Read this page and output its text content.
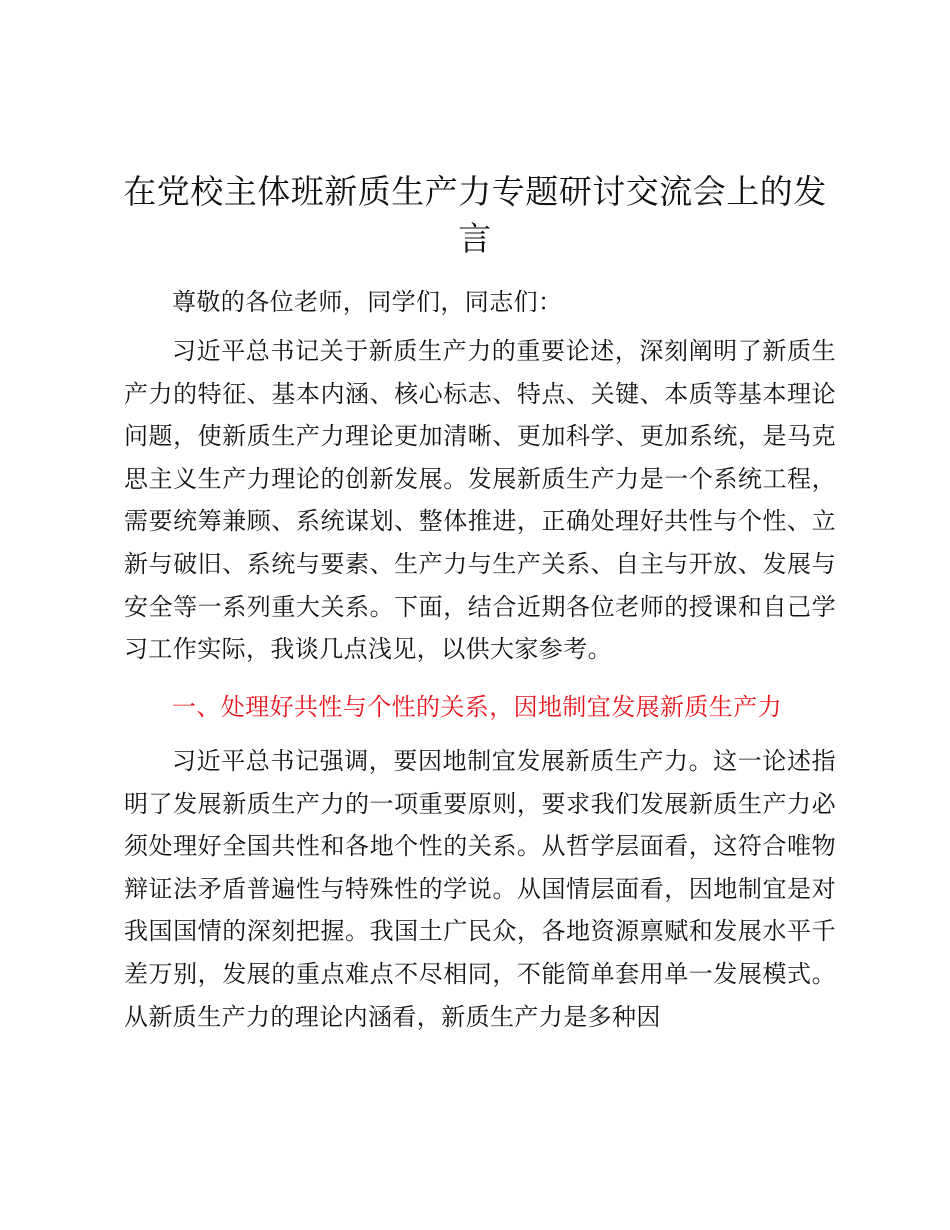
在党校主体班新质生产力专题研讨交流会上的发言

尊敬的各位老师，同学们，同志们：

习近平总书记关于新质生产力的重要论述，深刻阐明了新质生产力的特征、基本内涵、核心标志、特点、关键、本质等基本理论问题，使新质生产力理论更加清晰、更加科学、更加系统，是马克思主义生产力理论的创新发展。发展新质生产力是一个系统工程，需要统筹兼顾、系统谋划、整体推进，正确处理好共性与个性、立新与破旧、系统与要素、生产力与生产关系、自主与开放、发展与安全等一系列重大关系。下面，结合近期各位老师的授课和自己学习工作实际，我谈几点浅见，以供大家参考。

一、处理好共性与个性的关系，因地制宜发展新质生产力

习近平总书记强调，要因地制宜发展新质生产力。这一论述指明了发展新质生产力的一项重要原则，要求我们发展新质生产力必须处理好全国共性和各地个性的关系。从哲学层面看，这符合唯物辩证法矛盾普遍性与特殊性的学说。从国情层面看，因地制宜是对我国国情的深刻把握。我国土广民众，各地资源禀赋和发展水平千差万别，发展的重点难点不尽相同，不能简单套用单一发展模式。从新质生产力的理论内涵看，新质生产力是多种因
